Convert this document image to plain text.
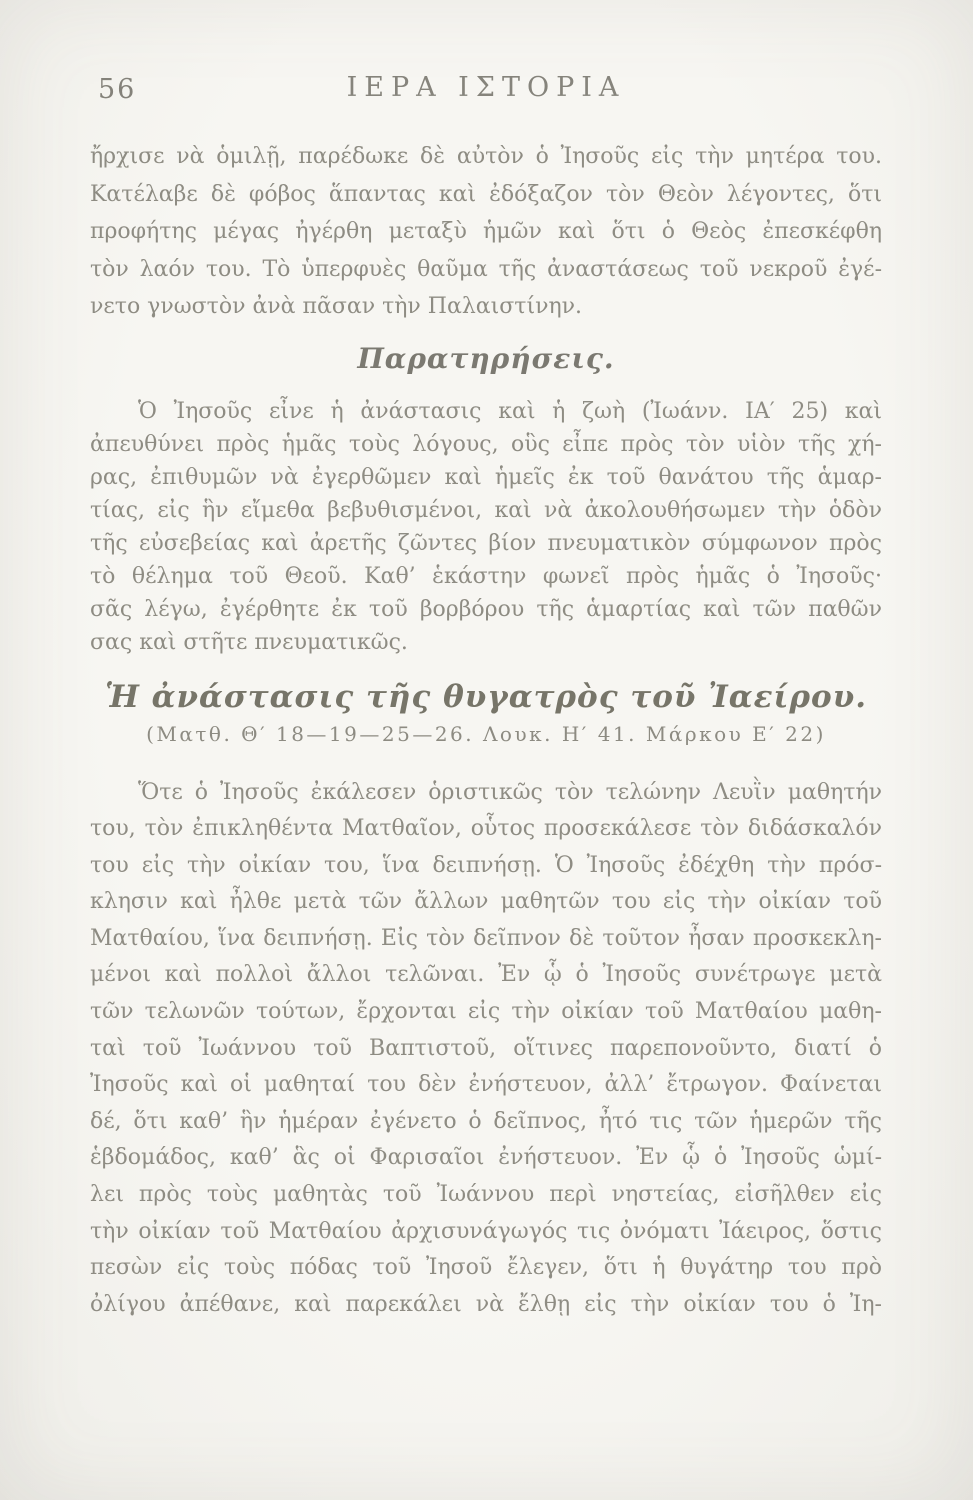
56	ΙΕΡΑ ΙΣΤΟΡΙΑ
ἤρχισε νὰ ὁμιλῇ, παρέδωκε δὲ αὐτὸν ὁ Ἰησοῦς εἰς τὴν μητέρα του.
Κατέλαβε δὲ φόβος ἅπαντας καὶ ἐδόξαζον τὸν Θεὸν λέγοντες, ὅτι
προφήτης μέγας ἠγέρθη μεταξὺ ἡμῶν καὶ ὅτι ὁ Θεὸς ἐπεσκέφθη
τὸν λαόν του. Τὸ ὑπερφυὲς θαῦμα τῆς ἀναστάσεως τοῦ νεκροῦ ἐγέ-
νετο γνωστὸν ἀνὰ πᾶσαν τὴν Παλαιστίνην.
Παρατηρήσεις.
Ὁ Ἰησοῦς εἶνε ἡ ἀνάστασις καὶ ἡ ζωὴ (Ἰωάνν. ΙΑ′ 25) καὶ
ἀπευθύνει πρὸς ἡμᾶς τοὺς λόγους, οὓς εἶπε πρὸς τὸν υἱὸν τῆς χή-
ρας, ἐπιθυμῶν νὰ ἐγερθῶμεν καὶ ἡμεῖς ἐκ τοῦ θανάτου τῆς ἁμαρ-
τίας, εἰς ἣν εἴμεθα βεβυθισμένοι, καὶ νὰ ἀκολουθήσωμεν τὴν ὁδὸν
τῆς εὐσεβείας καὶ ἀρετῆς ζῶντες βίον πνευματικὸν σύμφωνον πρὸς
τὸ θέλημα τοῦ Θεοῦ. Καθ’ ἑκάστην φωνεῖ πρὸς ἡμᾶς ὁ Ἰησοῦς·
σᾶς λέγω, ἐγέρθητε ἐκ τοῦ βορβόρου τῆς ἁμαρτίας καὶ τῶν παθῶν
σας καὶ στῆτε πνευματικῶς.
Ἡ ἀνάστασις τῆς θυγατρὸς τοῦ Ἰαείρου.
(Ματθ. Θ′ 18—19—25—26. Λουκ. Η′ 41. Μάρκου Ε′ 22)
Ὅτε ὁ Ἰησοῦς ἐκάλεσεν ὁριστικῶς τὸν τελώνην Λευῒν μαθητήν
του, τὸν ἐπικληθέντα Ματθαῖον, οὗτος προσεκάλεσε τὸν διδάσκαλόν
του εἰς τὴν οἰκίαν του, ἵνα δειπνήσῃ. Ὁ Ἰησοῦς ἐδέχθη τὴν πρόσ-
κλησιν καὶ ἦλθε μετὰ τῶν ἄλλων μαθητῶν του εἰς τὴν οἰκίαν τοῦ
Ματθαίου, ἵνα δειπνήσῃ. Εἰς τὸν δεῖπνον δὲ τοῦτον ἦσαν προσκεκλη-
μένοι καὶ πολλοὶ ἄλλοι τελῶναι. Ἐν ᾧ ὁ Ἰησοῦς συνέτρωγε μετὰ
τῶν τελωνῶν τούτων, ἔρχονται εἰς τὴν οἰκίαν τοῦ Ματθαίου μαθη-
ταὶ τοῦ Ἰωάννου τοῦ Βαπτιστοῦ, οἵτινες παρεπονοῦντο, διατί ὁ
Ἰησοῦς καὶ οἱ μαθηταί του δὲν ἐνήστευον, ἀλλ’ ἔτρωγον. Φαίνεται
δέ, ὅτι καθ’ ἣν ἡμέραν ἐγένετο ὁ δεῖπνος, ἦτό τις τῶν ἡμερῶν τῆς
ἑβδομάδος, καθ’ ἃς οἱ Φαρισαῖοι ἐνήστευον. Ἐν ᾧ ὁ Ἰησοῦς ὡμί-
λει πρὸς τοὺς μαθητὰς τοῦ Ἰωάννου περὶ νηστείας, εἰσῆλθεν εἰς
τὴν οἰκίαν τοῦ Ματθαίου ἀρχισυνάγωγός τις ὀνόματι Ἰάειρος, ὅστις
πεσὼν εἰς τοὺς πόδας τοῦ Ἰησοῦ ἔλεγεν, ὅτι ἡ θυγάτηρ του πρὸ
ὀλίγου ἀπέθανε, καὶ παρεκάλει νὰ ἔλθῃ εἰς τὴν οἰκίαν του ὁ Ἰη-
